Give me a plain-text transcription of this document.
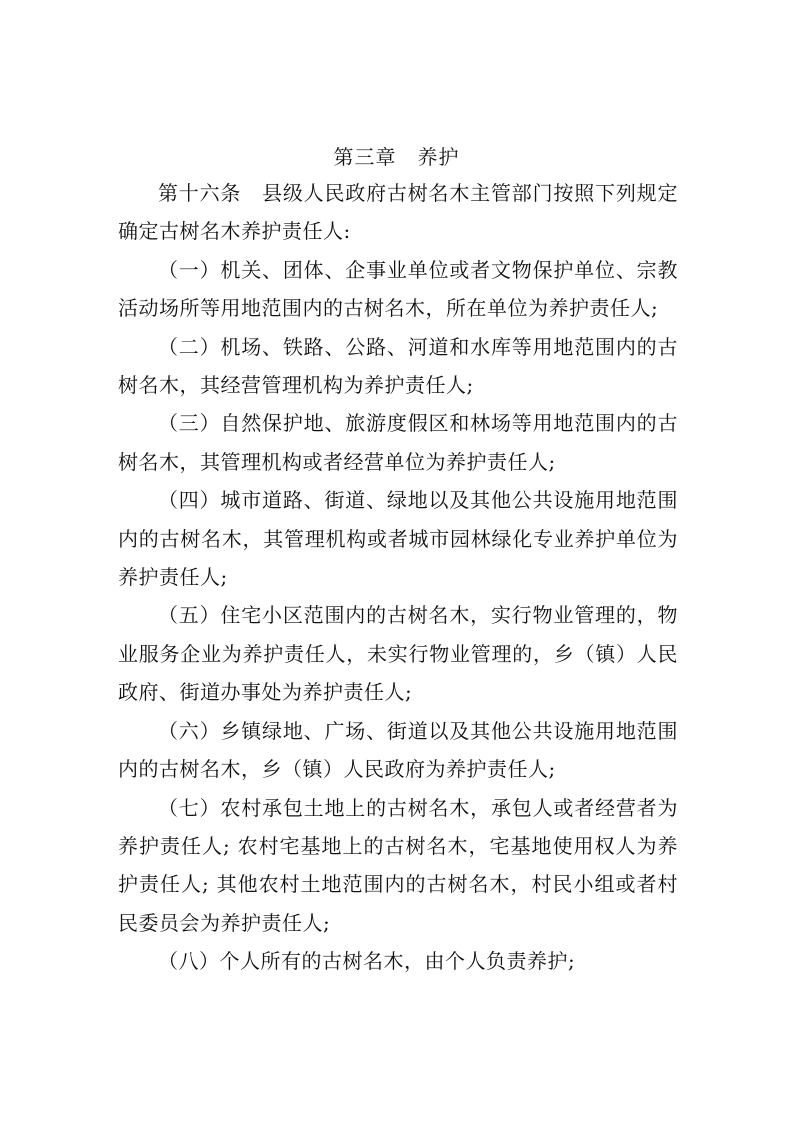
第三章　养护

第十六条　县级人民政府古树名木主管部门按照下列规定确定古树名木养护责任人:

（一）机关、团体、企事业单位或者文物保护单位、宗教活动场所等用地范围内的古树名木，所在单位为养护责任人;

（二）机场、铁路、公路、河道和水库等用地范围内的古树名木，其经营管理机构为养护责任人;

（三）自然保护地、旅游度假区和林场等用地范围内的古树名木，其管理机构或者经营单位为养护责任人;

（四）城市道路、街道、绿地以及其他公共设施用地范围内的古树名木，其管理机构或者城市园林绿化专业养护单位为养护责任人;

（五）住宅小区范围内的古树名木，实行物业管理的，物业服务企业为养护责任人，未实行物业管理的，乡（镇）人民政府、街道办事处为养护责任人;

（六）乡镇绿地、广场、街道以及其他公共设施用地范围内的古树名木，乡（镇）人民政府为养护责任人;

（七）农村承包土地上的古树名木，承包人或者经营者为养护责任人; 农村宅基地上的古树名木，宅基地使用权人为养护责任人; 其他农村土地范围内的古树名木，村民小组或者村民委员会为养护责任人;

（八）个人所有的古树名木，由个人负责养护;
